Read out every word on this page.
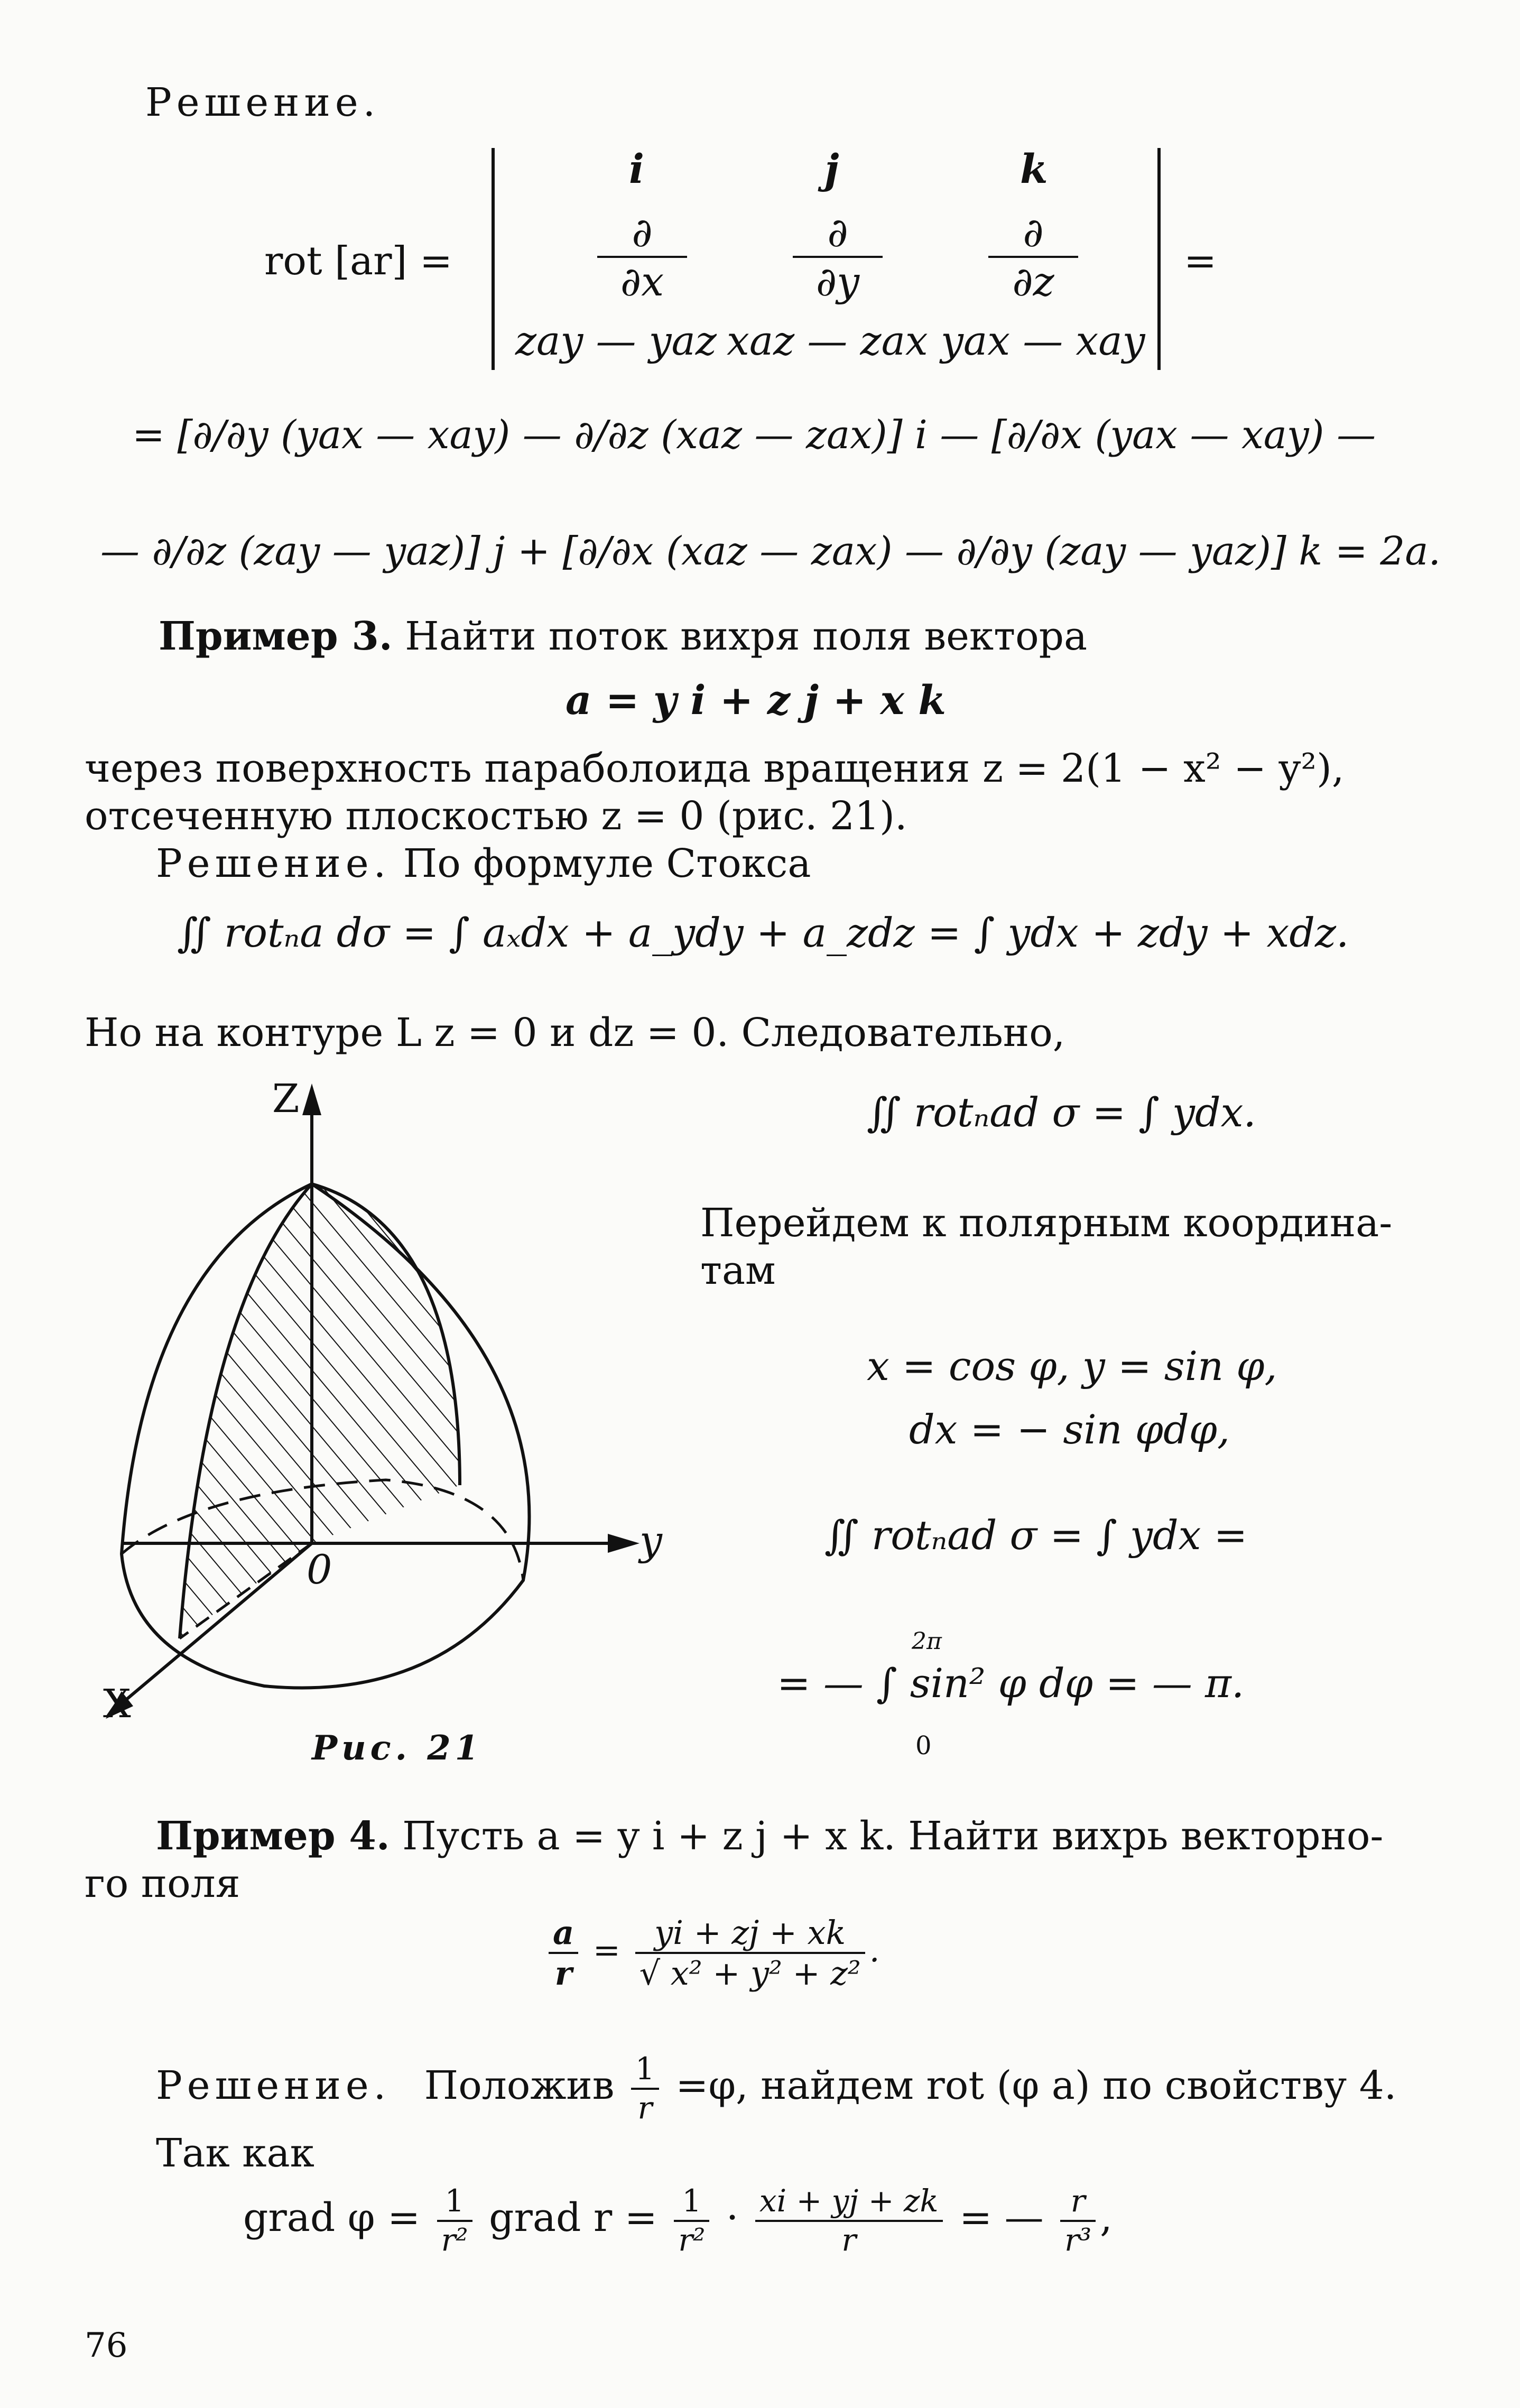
Решение.
rot [ar] =
i	j	k
∂
∂x
∂
∂y
∂
∂z
zay — yaz xaz — zax yax — xay
=
= [∂/∂y (yax — xay) — ∂/∂z (xaz — zax)] i — [∂/∂x (yax — xay) —
— ∂/∂z (zay — yaz)] j + [∂/∂x (xaz — zax) — ∂/∂y (zay — yaz)] k = 2a.
Пример 3. Найти поток вихря поля вектора
a = y i + z j + x k
через поверхность параболоида вращения z = 2(1 − x² − y²),
отсеченную плоскостью z = 0 (рис. 21).
Решение. По формуле Стокса
∬ rotₙa dσ = ∫ aₓdx + a_ydy + a_zdz = ∫ ydx + zdy + xdz.
Но на контуре L z = 0 и dz = 0. Следовательно,
∬ rotₙad σ = ∫ ydx.
Перейдем к полярным координа-
там
x = cos φ, y = sin φ,
dx = − sin φdφ,
∬ rotₙad σ = ∫ ydx =
= — ∫ sin² φ dφ = — π.
2π
0
Z
y
X
0
Рис. 21
Пример 4. Пусть a = y i + z j + x k. Найти вихрь векторно-
го поля
$\frac{a}{r} = \frac{yi + zj + xk}{\text{√ x² + y² + z²}}$ .
Решение. Положив $\frac{1}{r} =\varphi$, найдем rot (φ a) по свойству 4.
Так как
grad $\varphi = \frac{1}{\text{r²}}$ grad $r = \frac{1}{\text{r²}} \cdot \frac{xi + yj + zk}{r}$ = — $\frac{r}{\text{r³}}$ ,
76
